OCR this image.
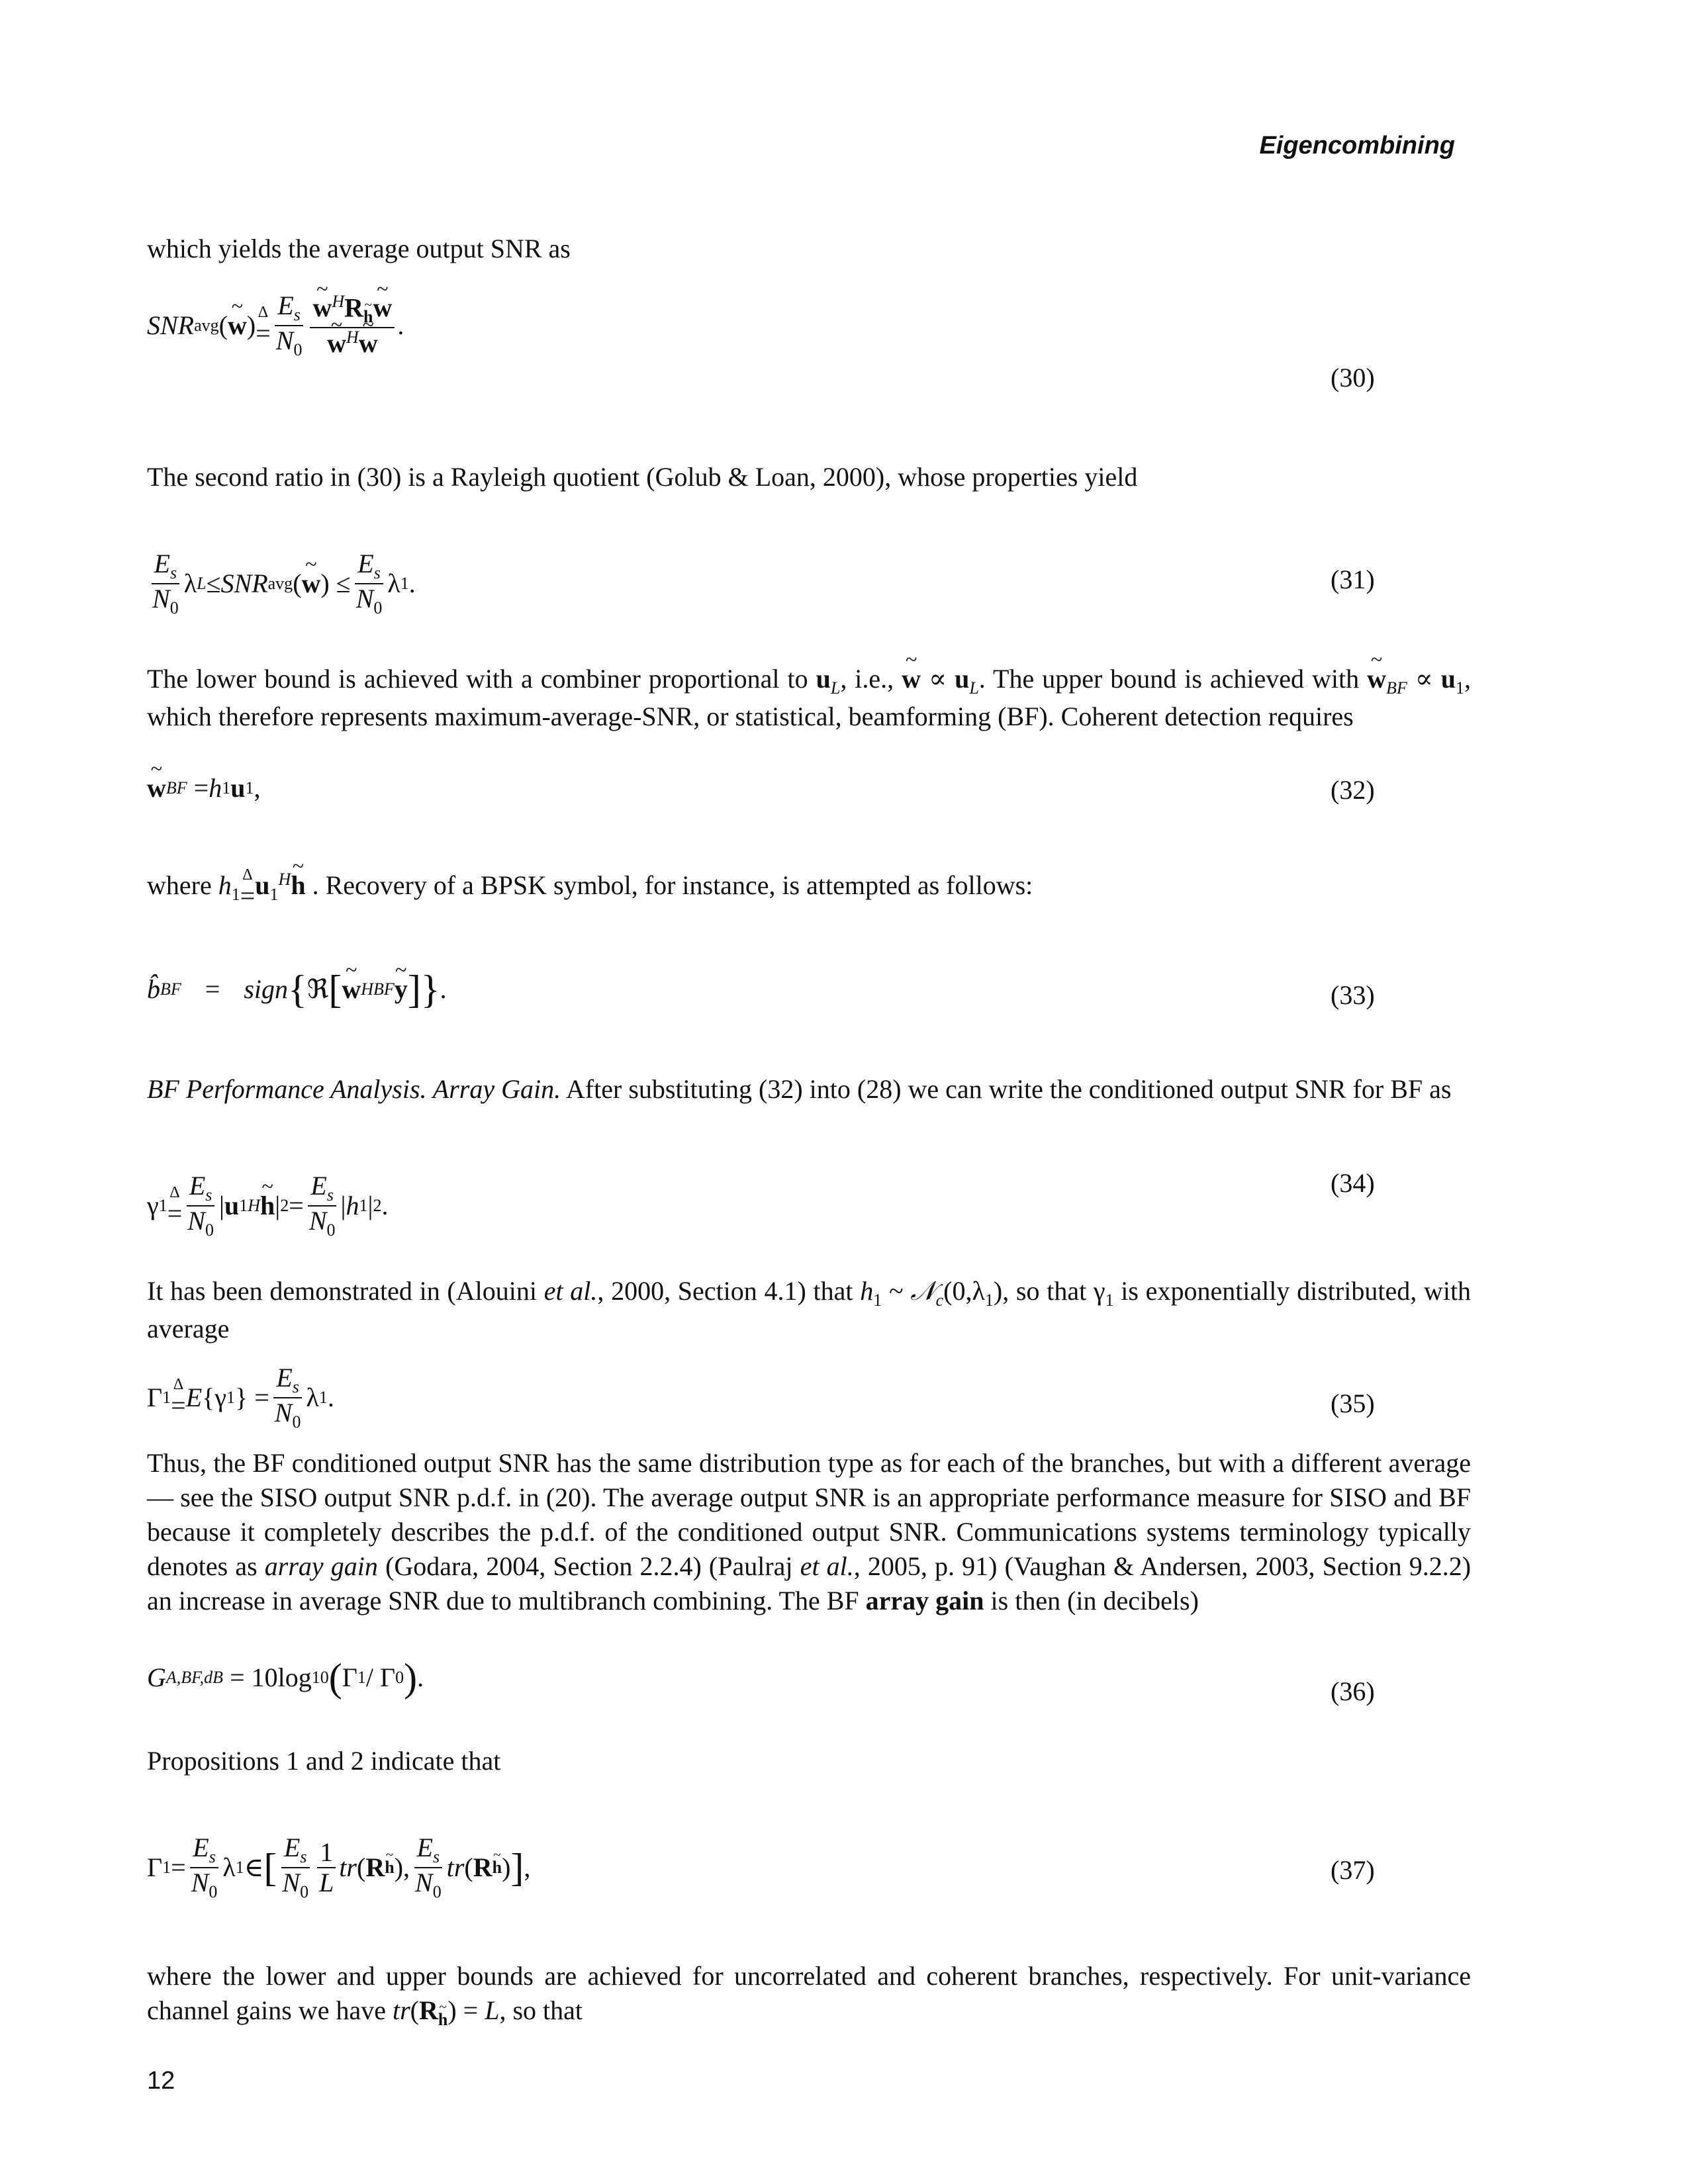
Eigencombining
which yields the average output SNR as
SNR avg ( ~ w ) Δ
= $\frac{E_s}{N_0}$ ~ $w^HR\sim$ $_h$~ w
~ $w^H\sim$ w .
(30)
The second ratio in (30) is a Rayleigh quotient (Golub & Loan, 2000), whose properties yield
$\frac{E_s}{N_0}$ λ L ≤ SNR avg ( ~ w ) ≤ $\frac{E_s}{N_0}$ λ 1 .	(31)
The lower bound is achieved with a combiner proportional to $u_L$, i.e., ~ $w \propto u_L$. The upper bound is achieved with ~ $w_{BF} \propto u_1$, which therefore represents maximum-average-SNR, or statistical, beamforming (BF). Coherent detection requires
~ w BF = h 1 u 1 ,	(32)
where $h_1$
Δ
= $u_1^H\sim$ h . Recovery of a BPSK symbol, for instance, is attempted as follows:
b̂ BF = sign { ℜ [ ~ w H BF ~ y ] } .	(33)
BF Performance Analysis. Array Gain. After substituting (32) into (28) we can write the conditioned output SNR for BF as
γ 1
Δ
= $\frac{E_s}{N_0}$ | u 1 H ~ h | $2 = \frac{E_s}{N_0}$ | h 1 | 2 .
(34)
It has been demonstrated in (Alouini et al., 2000, Section 4.1) that $h_1$ ~ $𝒩_c(0,\lambda_1)$, so that $\gamma_1$ is exponentially distributed, with average
Γ 1
Δ
= E {γ 1 } = $\frac{E_s}{N_0}$ λ 1 .	(35)
Thus, the BF conditioned output SNR has the same distribution type as for each of the branches, but with a different average — see the SISO output SNR p.d.f. in (20). The average output SNR is an appropriate performance measure for SISO and BF because it completely describes the p.d.f. of the conditioned output SNR. Communications systems terminology typically denotes as array gain (Godara, 2004, Section 2.2.4) (Paulraj et al., 2005, p. 91) (Vaughan & Andersen, 2003, Section 9.2.2) an increase in average SNR due to multibranch combining. The BF array gain is then (in decibels)
G A,BF,dB = 10log 10 ( Γ 1 / Γ 0 ) .	(36)
Propositions 1 and 2 indicate that
Γ $1 = \frac{E_s}{N_0}$ λ 1 ∈ [ $\frac{E_s}{N_0} \frac{1}{L}$ tr ( R ~ h ), $\frac{E_s}{N_0}$ tr ( R ~ h ) ] ,	(37)
where the lower and upper bounds are achieved for uncorrelated and coherent branches, respectively. For unit-variance channel gains we have tr(R~ $_h$) = L, so that
12
